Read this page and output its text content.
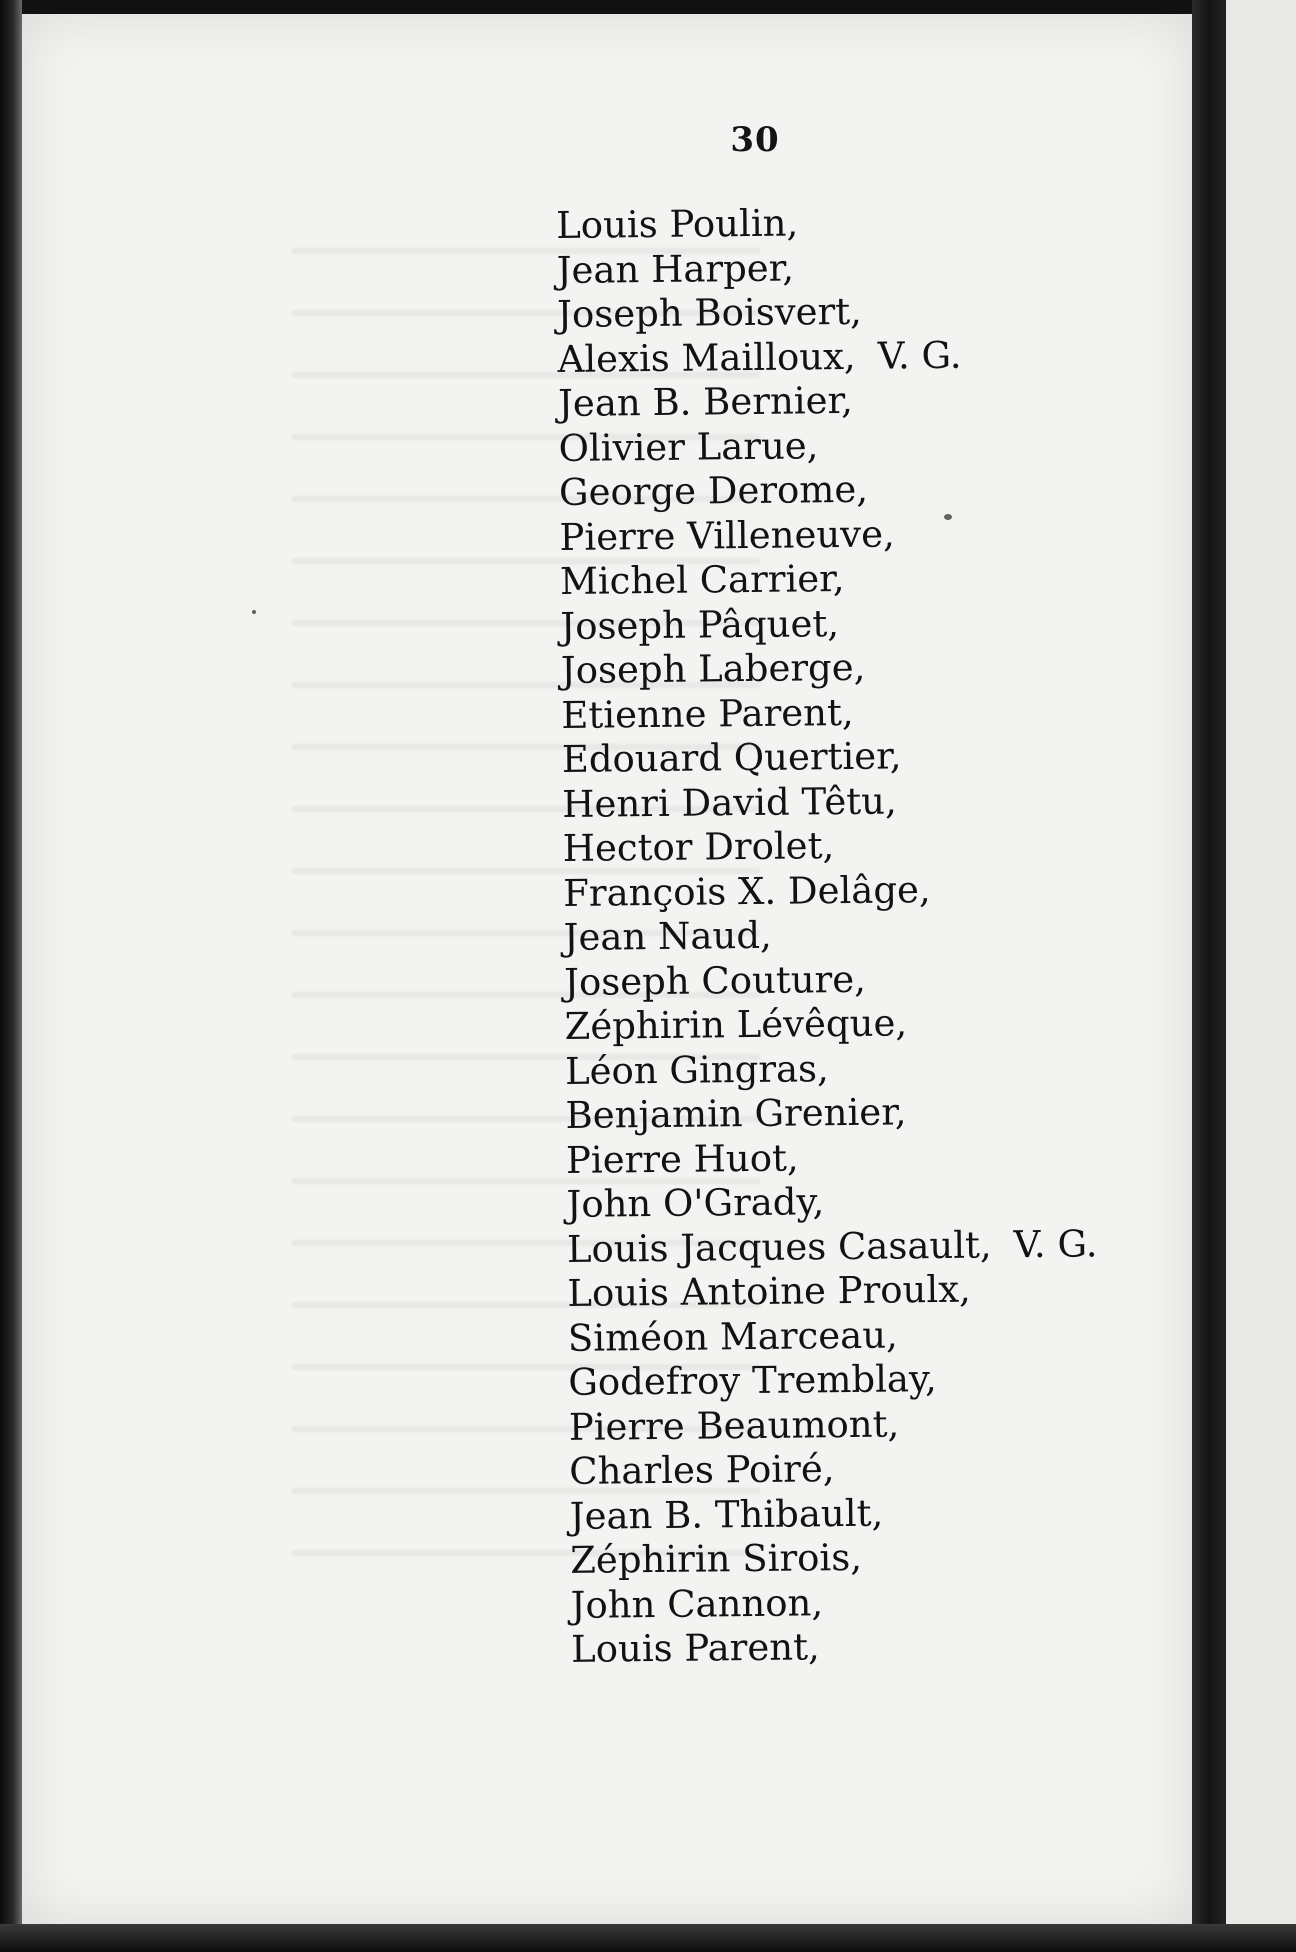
30
Louis Poulin,
Jean Harper,
Joseph Boisvert,
Alexis Mailloux, V. G.
Jean B. Bernier,
Olivier Larue,
George Derome,
Pierre Villeneuve,
Michel Carrier,
Joseph Pâquet,
Joseph Laberge,
Etienne Parent,
Edouard Quertier,
Henri David Têtu,
Hector Drolet,
François X. Delâge,
Jean Naud,
Joseph Couture,
Zéphirin Lévêque,
Léon Gingras,
Benjamin Grenier,
Pierre Huot,
John O'Grady,
Louis Jacques Casault, V. G.
Louis Antoine Proulx,
Siméon Marceau,
Godefroy Tremblay,
Pierre Beaumont,
Charles Poiré,
Jean B. Thibault,
Zéphirin Sirois,
John Cannon,
Louis Parent,
